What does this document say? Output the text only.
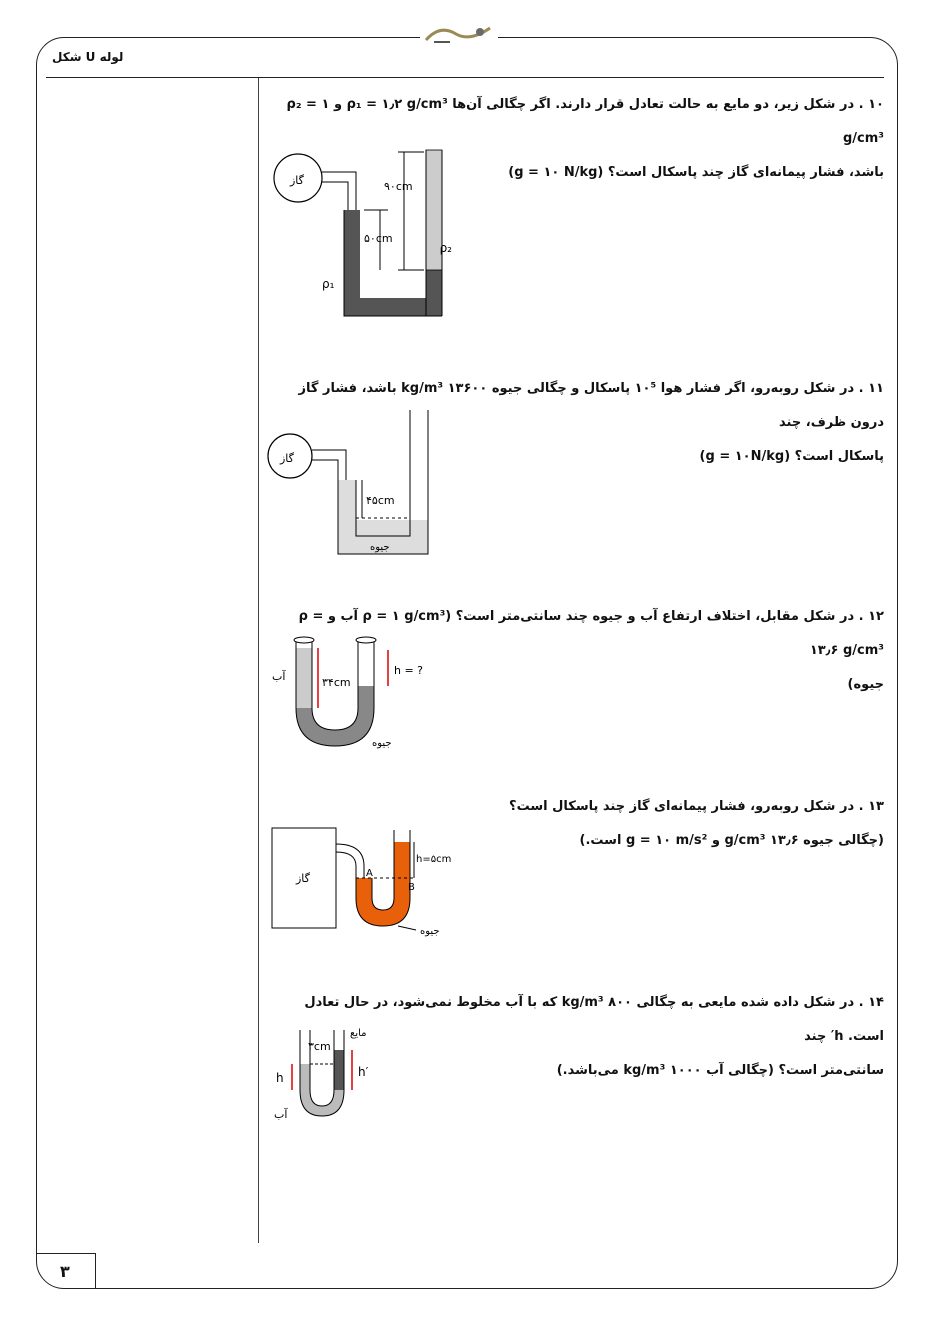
لوله U شکل
۳
۱۰ . در شکل زیر، دو مایع به حالت تعادل قرار دارند. اگر چگالی آن‌ها ρ₁ = ۱٫۲ g/cm³ و ρ₂ = ۱ g/cm³
باشد، فشار پیمانه‌ای گاز چند پاسکال است؟ (g = ۱۰ N/kg)
گاز	۹۰cm
۵۰cm
ρ₂
ρ₁
۱۱ . در شکل روبه‌رو، اگر فشار هوا ۱۰⁵ پاسکال و چگالی جیوه ۱۳۶۰۰ kg/m³ باشد، فشار گاز درون ظرف، چند
پاسکال است؟ (g = ۱۰N/kg)
گاز
۴۵cm
جیوه
۱۲ . در شکل مقابل، اختلاف ارتفاع آب و جیوه چند سانتی‌متر است؟ (ρ = ۱ g/cm³ آب و ρ = ۱۳٫۶ g/cm³
جیوه)
۳۴cm
h = ?
آب
جیوه
۱۳ . در شکل روبه‌رو، فشار پیمانه‌ای گاز چند پاسکال است؟
(چگالی جیوه ۱۳٫۶ g/cm³ و g = ۱۰ m/s² است.)
گاز	A
B
h=۵cm
جیوه
۱۴ . در شکل داده شده مایعی به چگالی ۸۰۰ kg/m³ که با آب مخلوط نمی‌شود، در حال تعادل است. h′ چند
سانتی‌متر است؟ (چگالی آب ۱۰۰۰ kg/m³ می‌باشد.)
۳cm
مایع
h	h′
آب
